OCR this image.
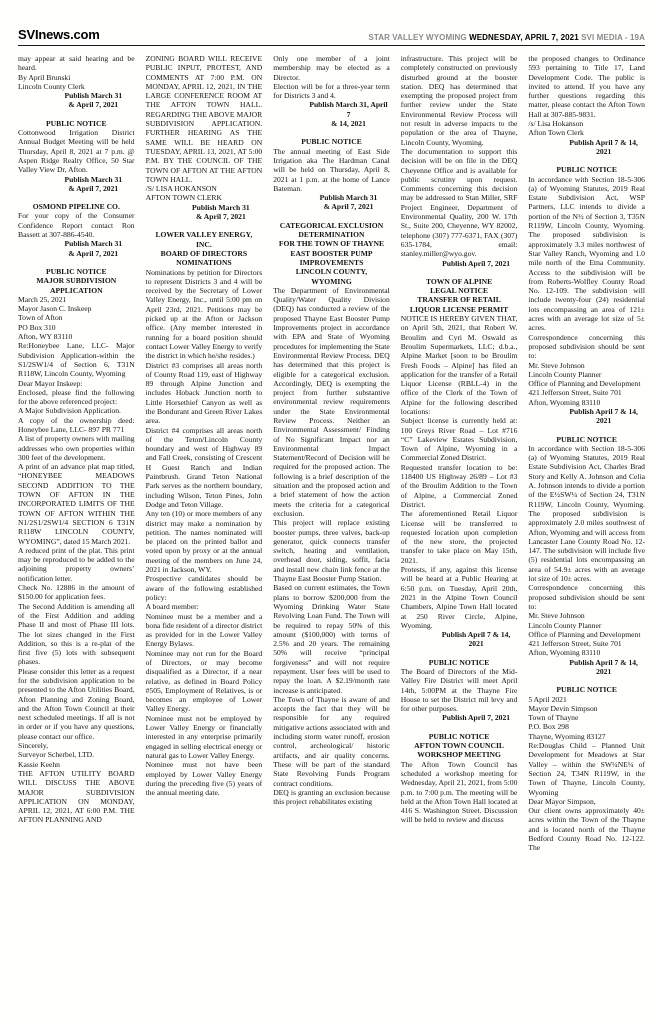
SVInews.com	STAR VALLEY WYOMING WEDNESDAY, APRIL 7, 2021 SVI MEDIA - 19A
may appear at said hearing and be heard.
By April Brunski
Lincoln County Clerk
Publish March 31
& April 7, 2021
PUBLIC NOTICE
Cottonwood Irrigation District Annual Budget Meeting will be held Thursday, April 8, 2021 at 7 p.m. @ Aspen Ridge Realty Office, 50 Star Valley View Dr, Afton.
Publish March 31
& April 7, 2021
OSMOND PIPELINE CO.
For your copy of the Consumer Confidence Report contact Ron Bassett at 307-886-4540.
Publish March 31
& April 7, 2021
PUBLIC NOTICE
MAJOR SUBDIVISION
APPLICATION
March 25, 2021
Mayor Jason C. Inskeep
Town of Afton
PO Box 310
Afton, WY 83110
Re:Honeybee Lane, LLC- Major Subdivision Application-within the S1/2SW1/4 of Section 6, T31N R118W, Lincoln County, Wyoming
Dear Mayor Inskeep:
Enclosed, please find the following for the above referenced project:
A Major Subdivision Application.
A copy of the ownership deed: Honeybee Lane, LLC- 897 PR 771
A list of property owners with mailing addresses who own properties within 300 feet of the development.
A print of an advance plat map titled, “HONEYBEE MEADOWS SECOND ADDITION TO THE TOWN OF AFTON IN THE INCORPORATED LIMITS OF THE TOWN OF AFTON WITHIN THE N1/2S1/2SW1/4 SECTION 6 T31N R118W LINCOLN COUNTY, WYOMING”, dated 15 March 2021.
A reduced print of the plat. This print may be reproduced to be added to the adjoining property owners’ notification letter.
Check No. 12886 in the amount of $150.00 for application fees.
The Second Addition is amending all of the First Addition and adding Phase II and most of Phase III lots. The lot sizes changed in the First Addition, so this is a re-plat of the first five (5) lots with subsequent phases.
Please consider this letter as a request for the subdivision application to be presented to the Afton Utilities Board, Afton Planning and Zoning Board, and the Afton Town Council at their next scheduled meetings. If all is not in order or if you have any questions, please contact our office.
Sincerely,
Surveyor Scherbel, LTD.
Kassie Keehn
THE AFTON UTILITY BOARD WILL DISCUSS THE ABOVE MAJOR SUBDIVISION APPLICATION ON MONDAY, APRIL 12, 2021, AT 6:00 P.M. THE AFTON PLANNING AND
ZONING BOARD WILL RECEIVE PUBLIC INPUT, PROTEST, AND COMMENTS AT 7:00 P.M. ON MONDAY, APRIL 12, 2021, IN THE LARGE CONFERENCE ROOM AT THE AFTON TOWN HALL. REGARDING THE ABOVE MAJOR SUBDIVISION APPLICATION. FURTHER HEARING AS THE SAME WILL BE HEARD ON TUESDAY, APRIL 13, 2021, AT 5:00 P.M. BY THE COUNCIL OF THE TOWN OF AFTON AT THE AFTON TOWN HALL.
/S/ LISA HOKANSON
AFTON TOWN CLERK
Publish March 31
& April 7, 2021
LOWER VALLEY ENERGY,
INC.
BOARD OF DIRECTORS
NOMINATIONS
Nominations by petition for Directors to represent Districts 3 and 4 will be received by the Secretary of Lower Valley Energy, Inc., until 5:00 pm on April 23rd, 2021. Petitions may be picked up at the Afton or Jackson office. (Any member interested in running for a board position should contact Lower Valley Energy to verify the district in which he/she resides.)
District #3 comprises all areas north of County Road 119, east of Highway 89 through Alpine Junction and includes Hoback Junction north to Little Horsethief Canyon as well as the Bondurant and Green River Lakes area.
District #4 comprises all areas north of the Teton/Lincoln County boundary and west of Highway 89 and Fall Creek, consisting of Crescent H Guest Ranch and Indian Paintbrush. Grand Teton National Park serves as the northern boundary, including Wilson, Teton Pines, John Dodge and Teton Village.
Any ten (10) or more members of any district may make a nomination by petition. The names nominated will be placed on the printed ballot and voted upon by proxy or at the annual meeting of the members on June 24, 2021 in Jackson, WY.
Prospective candidates should be aware of the following established policy:
A board member:
Nominee must be a member and a bona fide resident of a director district as provided for in the Lower Valley Energy Bylaws.
Nominee may not run for the Board of Directors, or may become disqualified as a Director, if a near relative, as defined in Board Policy #505, Employment of Relatives, is or becomes an employee of Lower Valley Energy.
Nominee must not be employed by Lower Valley Energy or financially interested in any enterprise primarily engaged in selling electrical energy or natural gas to Lower Valley Energy.
Nominee must not have been employed by Lower Valley Energy during the preceding five (5) years of the annual meeting date.
Only one member of a joint membership may be elected as a Director.
Election will be for a three-year term for Districts 3 and 4.
Publish March 31, April 7
& 14, 2021
PUBLIC NOTICE
The annual meeting of East Side Irrigation aka The Hardman Canal will be held on Thursday, April 8, 2021 at 1 p.m. at the home of Lance Bateman.
Publish March 31
& April 7, 2021
CATEGORICAL EXCLUSION
DETERMINATION
FOR THE TOWN OF THAYNE
EAST BOOSTER PUMP
IMPROVEMENTS
LINCOLN COUNTY,
WYOMING
The Department of Environmental Quality/Water Quality Division (DEQ) has conducted a review of the proposed Thayne East Booster Pump Improvements project in accordance with EPA and State of Wyoming procedures for implementing the State Environmental Review Process. DEQ has determined that this project is eligible for a categorical exclusion. Accordingly, DEQ is exempting the project from further substantive environmental review requirements under the State Environmental Review Process. Neither an Environmental Assessment/ Finding of No Significant Impact nor an Environmental Impact Statement/Record of Decision will be required for the proposed action. The following is a brief description of the situation and the proposed action and a brief statement of how the action meets the criteria for a categorical exclusion.
This project will replace existing booster pumps, three valves, back-up generator, quick connects transfer switch, heating and ventilation, overhead door, siding, soffit, facia and install new chain link fence at the Thayne East Booster Pump Station.
Based on current estimates, the Town plans to borrow $200,000 from the Wyoming Drinking Water State Revolving Loan Fund. The Town will be required to repay 50% of this amount ($100,000) with terms of 2.5% and 20 years. The remaining 50% will receive “principal forgiveness” and will not require repayment. User fees will be used to repay the loan. A $2.19/month rate increase is anticipated.
The Town of Thayne is aware of and accepts the fact that they will be responsible for any required mitigative actions associated with and including storm water runoff, erosion control, archeological/ historic artifacts, and air quality concerns. These will be part of the standard State Revolving Funds Program contract conditions.
DEQ is granting an exclusion because this project rehabilitates existing
infrastructure. This project will be completely constructed on previously disturbed ground at the booster station. DEQ has determined that exempting the proposed project from further review under the State Environmental Review Process will not result in adverse impacts to the population or the area of Thayne, Lincoln County, Wyoming.
The documentation to support this decision will be on file in the DEQ Cheyenne Office and is available for public scrutiny upon request. Comments concerning this decision may be addressed to Stan Miller, SRF Project Engineer, Department of Environmental Quality, 200 W. 17th St., Suite 200, Cheyenne, WY 82002, telephone (307) 777-6371, FAX (307) 635-1784, email: stanley.miller@wyo.gov.
Publish April 7, 2021
TOWN OF ALPINE
LEGAL NOTICE
TRANSFER OF RETAIL
LIQUOR LICENSE PERMIT
NOTICE IS HEREBY GIVEN THAT, on April 5th, 2021, that Robert W. Broulim and Cyri M. Oswald as Broulim Supermarkets, LLC; d.b.a., Alpine Market [soon to be Broulim Fresh Foods – Alpine] has filed an application for the transfer of a Retail Liquor License (RBLL-4) in the office of the Clerk of the Town of Alpine for the following described locations:
Subject license is currently held at: 100 Greys River Road – Lot #716 “C” Lakeview Estates Subdivision, Town of Alpine, Wyoming in a Commercial Zoned District.
Requested transfer location to be: 118400 US Highway 26/89 – Lot #3 of the Broulim Addition to the Town of Alpine, a Commercial Zoned District.
The aforementioned Retail Liquor License will be transferred to requested location upon completion of the new store, the projected transfer to take place on May 15th, 2021.
Protests, if any, against this license will be heard at a Public Hearing at 6:50 p.m. on Tuesday, April 20th, 2021 in the Alpine Town Council Chambers, Alpine Town Hall located at 250 River Circle, Alpine, Wyoming.
Publish April 7 & 14, 2021
PUBLIC NOTICE
The Board of Directors of the Mid-Valley Fire District will meet April 14th, 5:00PM at the Thayne Fire House to set the District mil levy and for other purposes.
Publish April 7, 2021
PUBLIC NOTICE
AFTON TOWN COUNCIL
WORKSHOP MEETING
The Afton Town Council has scheduled a workshop meeting for Wednesday, April 21, 2021, from 5:00 p.m. to 7:00 p.m. The meeting will be held at the Afton Town Hall located at 416 S. Washington Street. Discussion will be held to review and discuss
the proposed changes to Ordinance 593 pertaining to Title 17, Land Development Code. The public is invited to attend. If you have any further questions regarding this matter, please contact the Afton Town Hall at 307-885-9831.
/s/ Lisa Hokanson
Afton Town Clerk
Publish April 7 & 14, 2021
PUBLIC NOTICE
In accordance with Section 18-5-306 (a) of Wyoming Statutes, 2019 Real Estate Subdivision Act, WSP Partners, LLC intends to divide a portion of the N½ of Section 3, T35N R119W, Lincoln County, Wyoming. The proposed subdivision is approximately 3.3 miles northwest of Star Valley Ranch, Wyoming and 1.0 mile north of the Etna Community. Access to the subdivision will be from Roberts-Wolfley County Road No. 12-109. The subdivision will include twenty-four (24) residential lots encompassing an area of 121± acres with an average lot size of 5± acres.
Correspondence concerning this proposed subdivision should be sent to:
Mr. Steve Johnson
Lincoln County Planner
Office of Planning and Development
421 Jefferson Street, Suite 701
Afton, Wyoming 83110
Publish April 7 & 14, 2021
PUBLIC NOTICE
In accordance with Section 18-5-306 (a) of Wyoming Statutes, 2019 Real Estate Subdivision Act, Charles Brad Story and Kelly A. Johnson and Celia A. Johnson intends to divide a portion of the E½SW¼ of Section 24, T31N R119W, Lincoln County, Wyoming. The proposed subdivision is approximately 2.0 miles southwest of Afton, Wyoming and will access from Lancaster Lane County Road No. 12-147. The subdivision will include five (5) residential lots encompassing an area of 54.9± acres with an average lot size of 10± acres.
Correspondence concerning this proposed subdivision should be sent to:
Mr. Steve Johnson
Lincoln County Planner
Office of Planning and Development
421 Jefferson Street, Suite 701
Afton, Wyoming 83110
Publish April 7 & 14, 2021
PUBLIC NOTICE
5 April 2021
Mayor Devin Simpson
Town of Thayne
P.O. Box 298
Thayne, Wyoming 83127
Re:Douglas Child – Planned Unit Development for Meadows at Star Valley – within the SW¼NE¼ of Section 24, T34N R119W, in the Town of Thayne, Lincoln County, Wyoming
Dear Mayor Simpson,
Our client owns approximately 40± acres within the Town of the Thayne and is located north of the Thayne Bedford County Road No. 12-122. The
